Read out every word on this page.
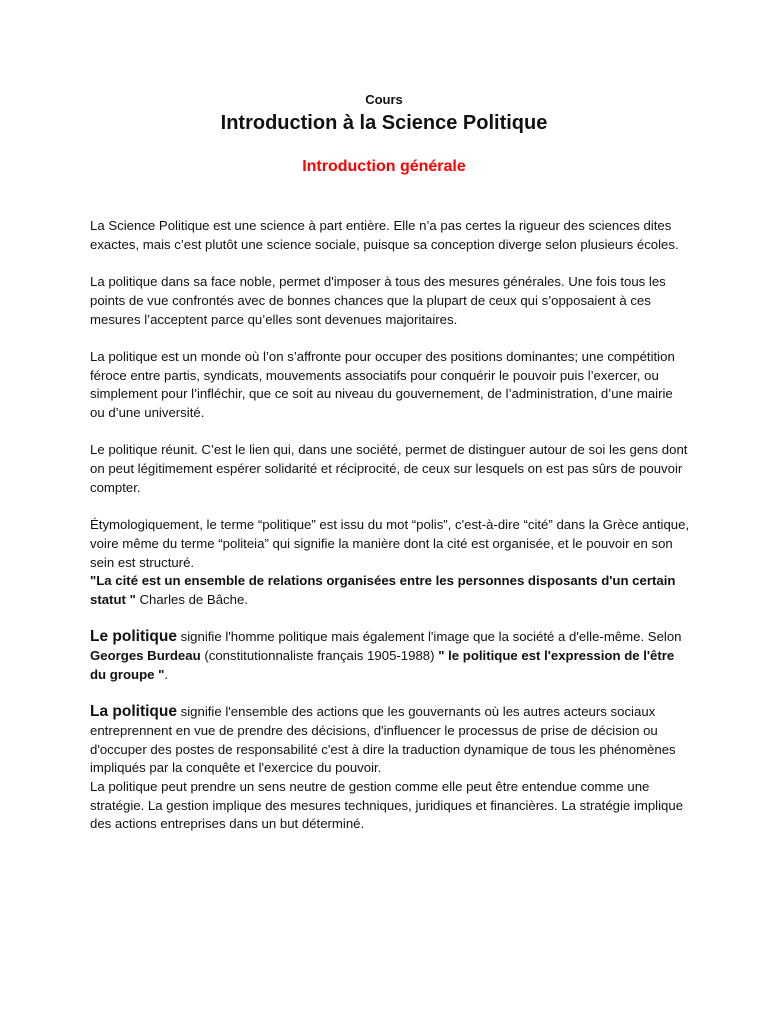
Cours
Introduction à la Science Politique
Introduction générale

La Science Politique est une science à part entière. Elle n’a pas certes la rigueur des sciences dites exactes, mais c’est plutôt une science sociale, puisque sa conception diverge selon plusieurs écoles.

La politique dans sa face noble, permet d'imposer à tous des mesures générales. Une fois tous les points de vue confrontés avec de bonnes chances que la plupart de ceux qui s’opposaient à ces mesures l’acceptent parce qu’elles sont devenues majoritaires.

La politique est un monde où l’on s’affronte pour occuper des positions dominantes; une compétition féroce entre partis, syndicats, mouvements associatifs pour conquérir le pouvoir puis l’exercer, ou simplement pour l’infléchir, que ce soit au niveau du gouvernement, de l’administration, d’une mairie ou d’une université.

Le politique réunit. C’est le lien qui, dans une société, permet de distinguer autour de soi les gens dont on peut légitimement espérer solidarité et réciprocité, de ceux sur lesquels on est pas sûrs de pouvoir compter.

Étymologiquement, le terme “politique” est issu du mot “polis”, c'est-à-dire “cité” dans la Grèce antique, voire même du terme “politeia” qui signifie la manière dont la cité est organisée, et le pouvoir en son sein est structuré.
"La cité est un ensemble de relations organisées entre les personnes disposants d'un certain statut " Charles de Bâche.

Le politique signifie l'homme politique mais également l'image que la société a d'elle-même. Selon Georges Burdeau (constitutionnaliste français 1905-1988) " le politique est l'expression de l'être du groupe ".

La politique signifie l'ensemble des actions que les gouvernants où les autres acteurs sociaux entreprennent en vue de prendre des décisions, d'influencer le processus de prise de décision ou d'occuper des postes de responsabilité c'est à dire la traduction dynamique de tous les phénomènes impliqués par la conquête et l'exercice du pouvoir.

La politique peut prendre un sens neutre de gestion comme elle peut être entendue comme une stratégie. La gestion implique des mesures techniques, juridiques et financières. La stratégie implique des actions entreprises dans un but déterminé.
